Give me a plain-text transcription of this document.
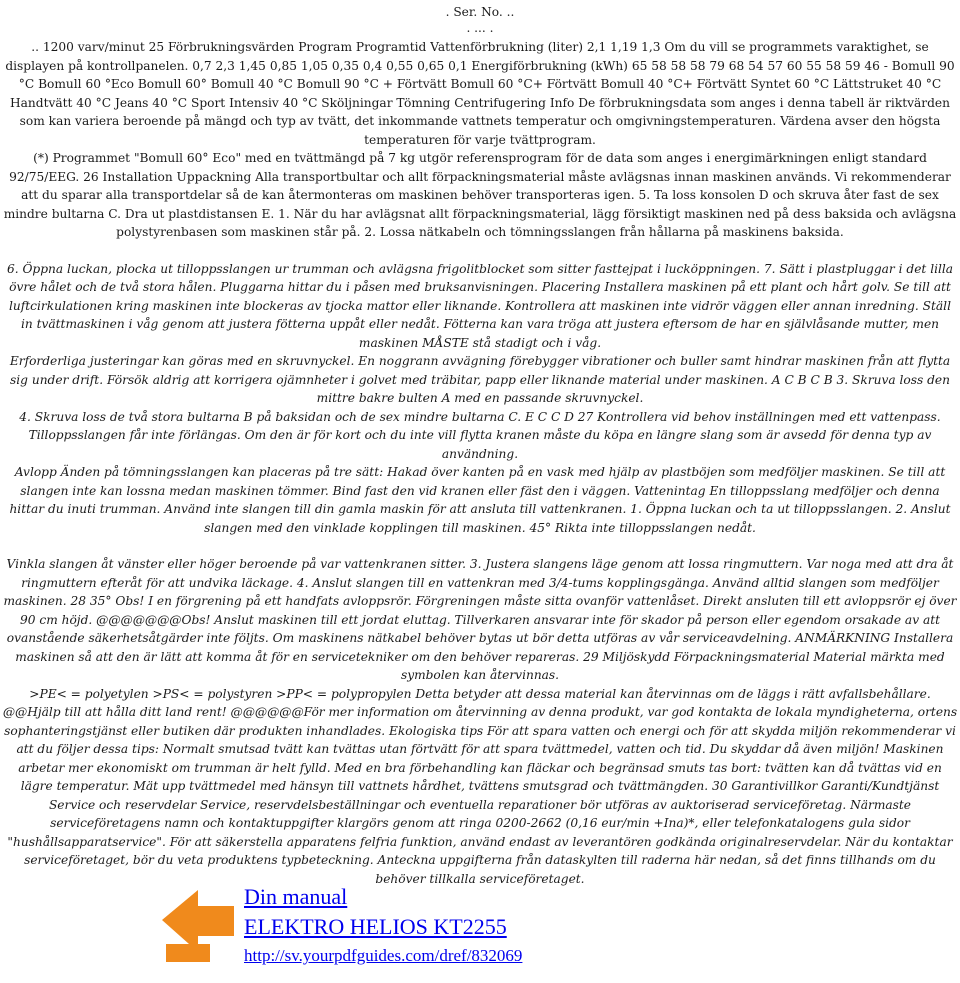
. Ser. No. ..
. ... .

.. 1200 varv/minut 25 Förbrukningsvärden Program Programtid Vattenförbrukning (liter) 2,1 1,19 1,3 Om du vill se programmets varaktighet, se displayen på kontrollpanelen. 0,7 2,3 1,45 0,85 1,05 0,35 0,4 0,55 0,65 0,1 Energiförbrukning (kWh) 65 58 58 58 79 68 54 57 60 55 58 59 46 - Bomull 90 °C Bomull 60 °Eco Bomull 60° Bomull 40 °C Bomull 90 °C + Förtvätt Bomull 60 °C+ Förtvätt Bomull 40 °C+ Förtvätt Syntet 60 °C Lättstruket 40 °C Handtvätt 40 °C Jeans 40 °C Sport Intensiv 40 °C Sköljningar Tömning Centrifugering Info De förbrukningsdata som anges i denna tabell är riktvärden som kan variera beroende på mängd och typ av tvätt, det inkommande vattnets temperatur och omgivningstemperaturen. Värdena avser den högsta temperaturen för varje tvättprogram.

(*) Programmet "Bomull 60° Eco" med en tvättmängd på 7 kg utgör referensprogram för de data som anges i energimärkningen enligt standard 92/75/EEG. 26 Installation Uppackning Alla transportbultar och allt förpackningsmaterial måste avlägsnas innan maskinen används. Vi rekommenderar att du sparar alla transportdelar så de kan återmonteras om maskinen behöver transporteras igen. 5. Ta loss konsolen D och skruva åter fast de sex mindre bultarna C. Dra ut plastdistansen E. 1. När du har avlägsnat allt förpackningsmaterial, lägg försiktigt maskinen ned på dess baksida och avlägsna polystyrenbasen som maskinen står på. 2. Lossa nätkabeln och tömningsslangen från hållarna på maskinens baksida.

6. Öppna luckan, plocka ut tilloppsslangen ur trumman och avlägsna frigolitblocket som sitter fasttejpat i lucköppningen. 7. Sätt i plastpluggar i det lilla övre hålet och de två stora hålen. Pluggarna hittar du i påsen med bruksanvisningen. Placering Installera maskinen på ett plant och hårt golv. Se till att luftcirkulationen kring maskinen inte blockeras av tjocka mattor eller liknande. Kontrollera att maskinen inte vidrör väggen eller annan inredning. Ställ in tvättmaskinen i våg genom att justera fötterna uppåt eller nedåt. Fötterna kan vara tröga att justera eftersom de har en självlåsande mutter, men maskinen MÅSTE stå stadigt och i våg.

Erforderliga justeringar kan göras med en skruvnyckel. En noggrann avvägning förebygger vibrationer och buller samt hindrar maskinen från att flytta sig under drift. Försök aldrig att korrigera ojämnheter i golvet med träbitar, papp eller liknande material under maskinen. A C B C B 3. Skruva loss den mittre bakre bulten A med en passande skruvnyckel.

4. Skruva loss de två stora bultarna B på baksidan och de sex mindre bultarna C. E C C D 27 Kontrollera vid behov inställningen med ett vattenpass. Tilloppsslangen får inte förlängas. Om den är för kort och du inte vill flytta kranen måste du köpa en längre slang som är avsedd för denna typ av användning.

Avlopp Änden på tömningsslangen kan placeras på tre sätt: Hakad över kanten på en vask med hjälp av plastböjen som medföljer maskinen. Se till att slangen inte kan lossna medan maskinen tömmer. Bind fast den vid kranen eller fäst den i väggen. Vattenintag En tilloppsslang medföljer och denna hittar du inuti trumman. Använd inte slangen till din gamla maskin för att ansluta till vattenkranen. 1. Öppna luckan och ta ut tilloppsslangen. 2. Anslut slangen med den vinklade kopplingen till maskinen. 45° Rikta inte tilloppsslangen nedåt.

Vinkla slangen åt vänster eller höger beroende på var vattenkranen sitter. 3. Justera slangens läge genom att lossa ringmuttern. Var noga med att dra åt ringmuttern efteråt för att undvika läckage. 4. Anslut slangen till en vattenkran med 3/4-tums kopplingsgänga. Använd alltid slangen som medföljer maskinen. 28 35° Obs! I en förgrening på ett handfats avloppsrör. Förgreningen måste sitta ovanför vattenlåset. Direkt ansluten till ett avloppsrör ej över 90 cm höjd. @@@@@@@Obs! Anslut maskinen till ett jordat eluttag. Tillverkaren ansvarar inte för skador på person eller egendom orsakade av att ovanstående säkerhetsåtgärder inte följts. Om maskinens nätkabel behöver bytas ut bör detta utföras av vår serviceavdelning. ANMÄRKNING Installera maskinen så att den är lätt att komma åt för en servicetekniker om den behöver repareras. 29 Miljöskydd Förpackningsmaterial Material märkta med symbolen kan återvinnas.

>PE< = polyetylen >PS< = polystyren >PP< = polypropylen Detta betyder att dessa material kan återvinnas om de läggs i rätt avfallsbehållare. @@Hjälp till att hålla ditt land rent! @@@@@@För mer information om återvinning av denna produkt, var god kontakta de lokala myndigheterna, ortens sophanteringstjänst eller butiken där produkten inhandlades. Ekologiska tips För att spara vatten och energi och för att skydda miljön rekommenderar vi att du följer dessa tips: Normalt smutsad tvätt kan tvättas utan förtvätt för att spara tvättmedel, vatten och tid. Du skyddar då även miljön! Maskinen arbetar mer ekonomiskt om trumman är helt fylld. Med en bra förbehandling kan fläckar och begränsad smuts tas bort: tvätten kan då tvättas vid en lägre temperatur. Mät upp tvättmedel med hänsyn till vattnets hårdhet, tvättens smutsgrad och tvättmängden. 30 Garantivillkor Garanti/Kundtjänst Service och reservdelar Service, reservdelsbeställningar och eventuella reparationer bör utföras av auktoriserad serviceföretag. Närmaste serviceföretagens namn och kontaktuppgifter klargörs genom att ringa 0200-2662 (0,16 eur/min +Ina)*, eller telefonkatalogens gula sidor "hushållsapparatservice". För att säkerstella apparatens felfria funktion, använd endast av leverantören godkända originalreservdelar. När du kontaktar serviceföretaget, bör du veta produktens typbeteckning. Anteckna uppgifterna från dataskylten till raderna här nedan, så det finns tillhands om du behöver tillkalla serviceföretaget.

Din manual
ELEKTRO HELIOS KT2255
http://sv.yourpdfguides.com/dref/832069
